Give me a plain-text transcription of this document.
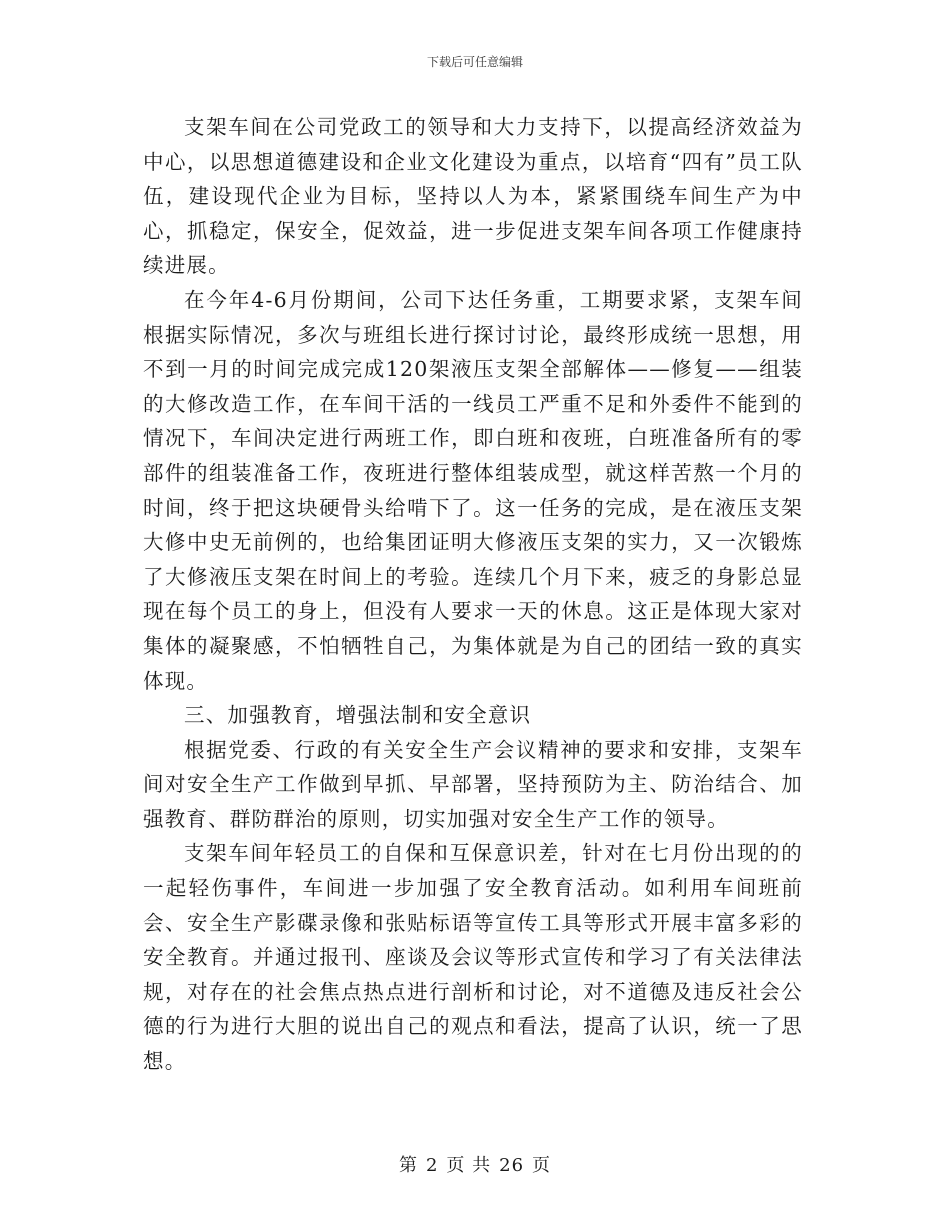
下载后可任意编辑

支架车间在公司党政工的领导和大力支持下，以提高经济效益为中心，以思想道德建设和企业文化建设为重点，以培育“四有”员工队伍，建设现代企业为目标，坚持以人为本，紧紧围绕车间生产为中心，抓稳定，保安全，促效益，进一步促进支架车间各项工作健康持续进展。

在今年4-6月份期间，公司下达任务重，工期要求紧，支架车间根据实际情况，多次与班组长进行探讨讨论，最终形成统一思想，用不到一月的时间完成完成120架液压支架全部解体——修复——组装的大修改造工作，在车间干活的一线员工严重不足和外委件不能到的情况下，车间决定进行两班工作，即白班和夜班，白班准备所有的零部件的组装准备工作，夜班进行整体组装成型，就这样苦熬一个月的时间，终于把这块硬骨头给啃下了。这一任务的完成，是在液压支架大修中史无前例的，也给集团证明大修液压支架的实力，又一次锻炼了大修液压支架在时间上的考验。连续几个月下来，疲乏的身影总显现在每个员工的身上，但没有人要求一天的休息。这正是体现大家对集体的凝聚感，不怕牺牲自己，为集体就是为自己的团结一致的真实体现。

三、加强教育，增强法制和安全意识

根据党委、行政的有关安全生产会议精神的要求和安排，支架车间对安全生产工作做到早抓、早部署，坚持预防为主、防治结合、加强教育、群防群治的原则，切实加强对安全生产工作的领导。

支架车间年轻员工的自保和互保意识差，针对在七月份出现的的一起轻伤事件，车间进一步加强了安全教育活动。如利用车间班前会、安全生产影碟录像和张贴标语等宣传工具等形式开展丰富多彩的安全教育。并通过报刊、座谈及会议等形式宣传和学习了有关法律法规，对存在的社会焦点热点进行剖析和讨论，对不道德及违反社会公德的行为进行大胆的说出自己的观点和看法，提高了认识，统一了思想。

第 2 页 共 26 页
